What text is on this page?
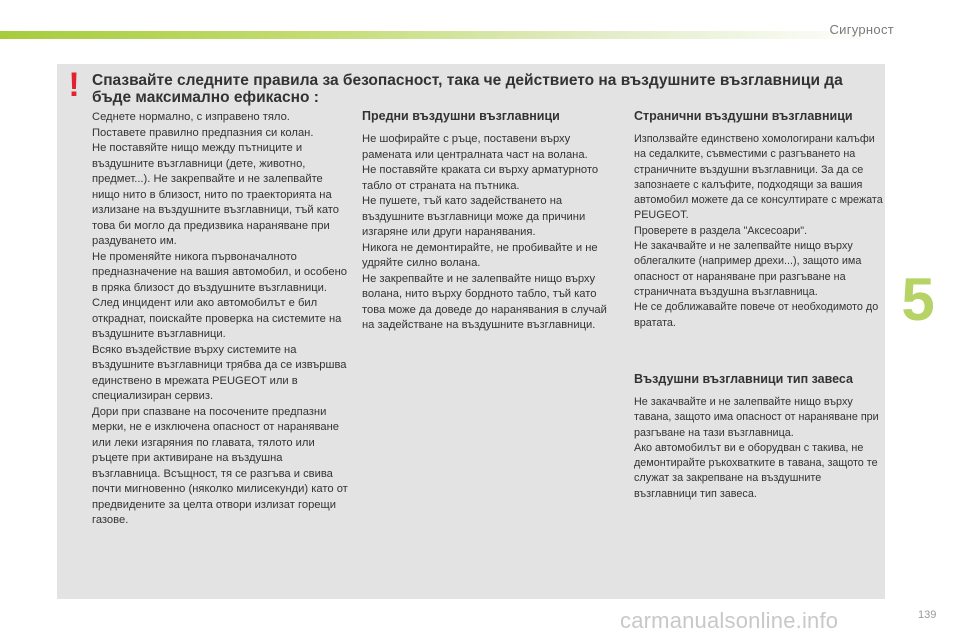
Сигурност
! Спазвайте следните правила за безопасност, така че действието на въздушните възглавници да бъде максимално ефикасно :
Седнете нормално, с изправено тяло.
Поставете правилно предпазния си колан.
Не поставяйте нищо между пътниците и въздушните възглавници (дете, животно, предмет...). Не закрепвайте и не залепвайте нищо нито в близост, нито по траекторията на излизане на въздушните възглавници, тъй като това би могло да предизвика нараняване при раздуването им.
Не променяйте никога първоначалното предназначение на вашия автомобил, и особено в пряка близост до въздушните възглавници.
След инцидент или ако автомобилът е бил откраднат, поискайте проверка на системите на въздушните възглавници.
Всяко въздействие върху системите на въздушните възглавници трябва да се извършва единствено в мрежата PEUGEOT или в специализиран сервиз.
Дори при спазване на посочените предпазни мерки, не е изключена опасност от нараняване или леки изгаряния по главата, тялото или ръцете при активиране на въздушна възглавница. Всъщност, тя се разгъва и свива почти мигновенно (няколко милисекунди) като от предвидените за целта отвори излизат горещи газове.
Предни въздушни възглавници
Не шофирайте с ръце, поставени върху рамената или централната част на волана.
Не поставяйте краката си върху арматурното табло от страната на пътника.
Не пушете, тъй като задействането на въздушните възглавници може да причини изгаряне или други наранявания.
Никога не демонтирайте, не пробивайте и не удряйте силно волана.
Не закрепвайте и не залепвайте нищо върху волана, нито върху бордното табло, тъй като това може да доведе до наранявания в случай на задействане на въздушните възглавници.
Странични въздушни възглавници
Използвайте единствено хомологирани калъфи на седалките, съвместими с разгъването на страничните въздушни възглавници. За да се запознаете с калъфите, подходящи за вашия автомобил можете да се консултирате с мрежата PEUGEOT.
Проверете в раздела "Аксесоари".
Не закачвайте и не залепвайте нищо върху облегалките (например дрехи...), защото има опасност от нараняване при разгъване на страничната въздушна възглавница.
Не се доближавайте повече от необходимото до вратата.
Въздушни възглавници тип завеса
Не закачвайте и не залепвайте нищо върху тавана, защото има опасност от нараняване при разгъване на тази възглавница.
Ако автомобилът ви е оборудван с такива, не демонтирайте ръкохватките в тавана, защото те служат за закрепване на въздушните възглавници тип завеса.
5
carmanualsonline.info	139
